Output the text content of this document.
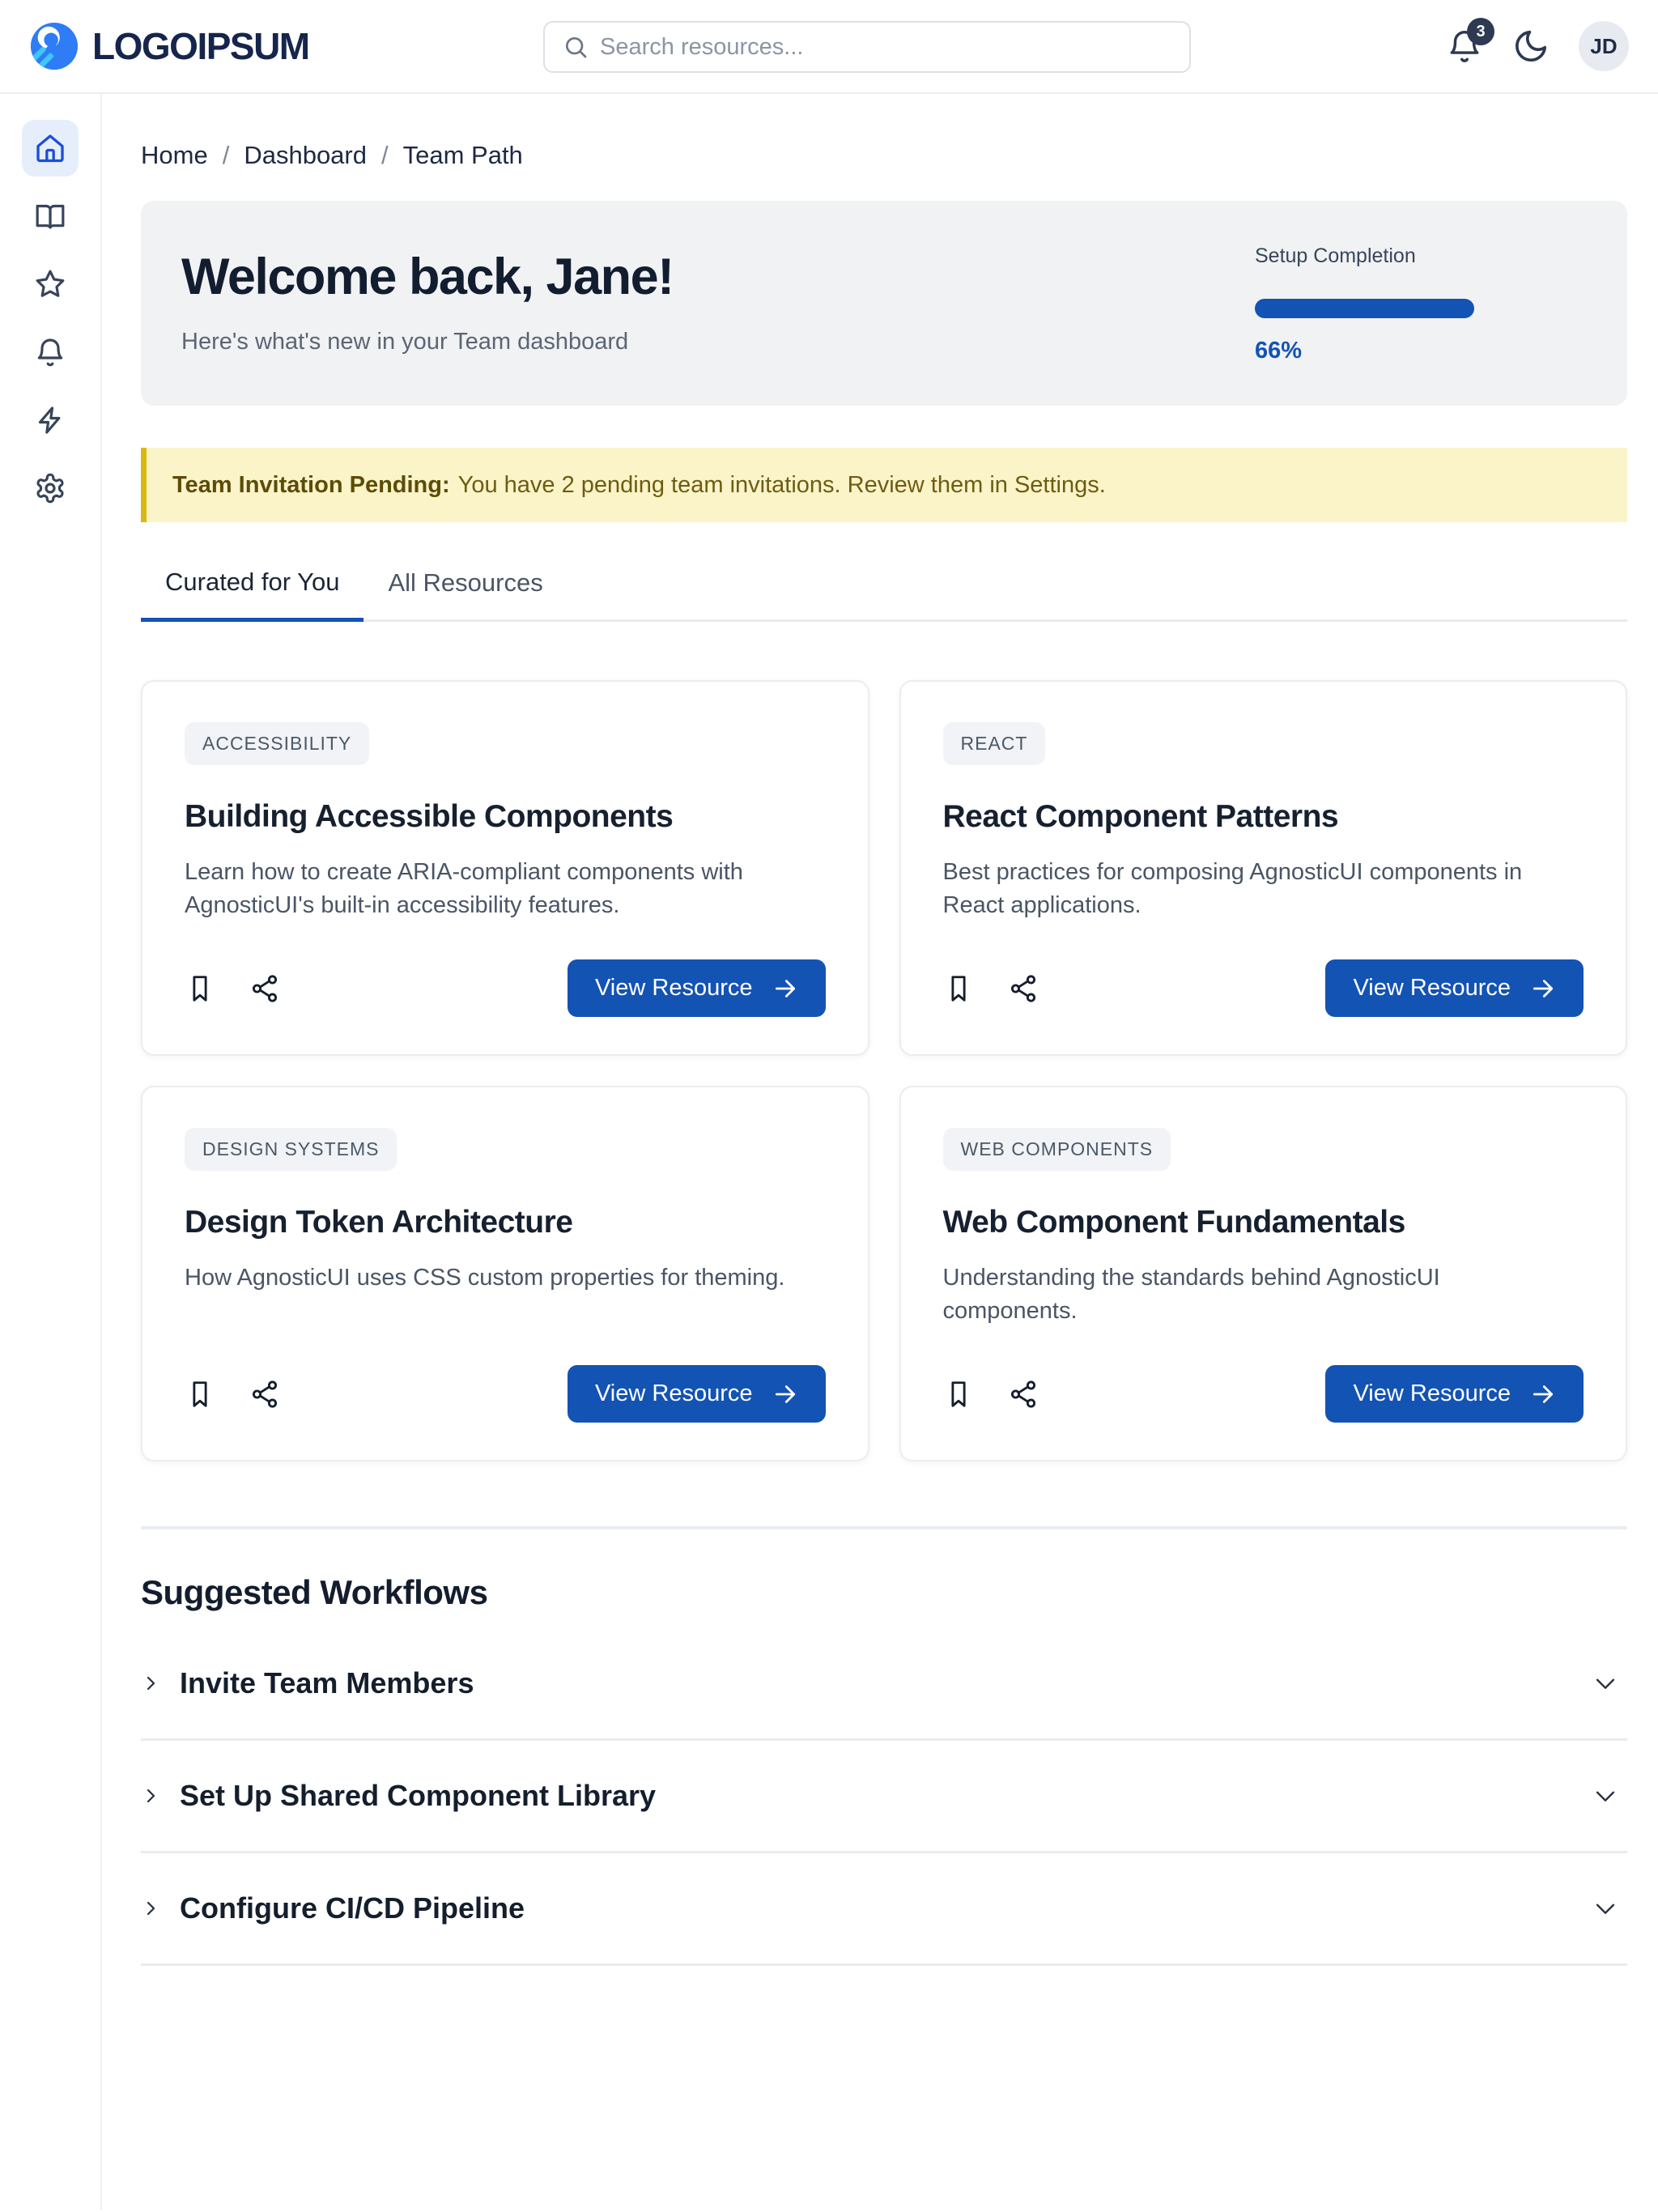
LOGOIPSUM
Search resources...	3
JD
Home / Dashboard / Team Path
Welcome back, Jane!

Here's what's new in your Team dashboard

Setup Completion
66%
Team Invitation Pending: You have 2 pending team invitations. Review them in Settings.
Curated for You	All Resources
ACCESSIBILITY
Building Accessible Components

Learn how to create ARIA-compliant components with AgnosticUI's built-in accessibility features.

View Resource
REACT
React Component Patterns

Best practices for composing AgnosticUI components in React applications.

View Resource
DESIGN SYSTEMS
Design Token Architecture

How AgnosticUI uses CSS custom properties for theming.

View Resource
WEB COMPONENTS
Web Component Fundamentals

Understanding the standards behind AgnosticUI components.

View Resource
Suggested Workflows
Invite Team Members
Set Up Shared Component Library
Configure CI/CD Pipeline
